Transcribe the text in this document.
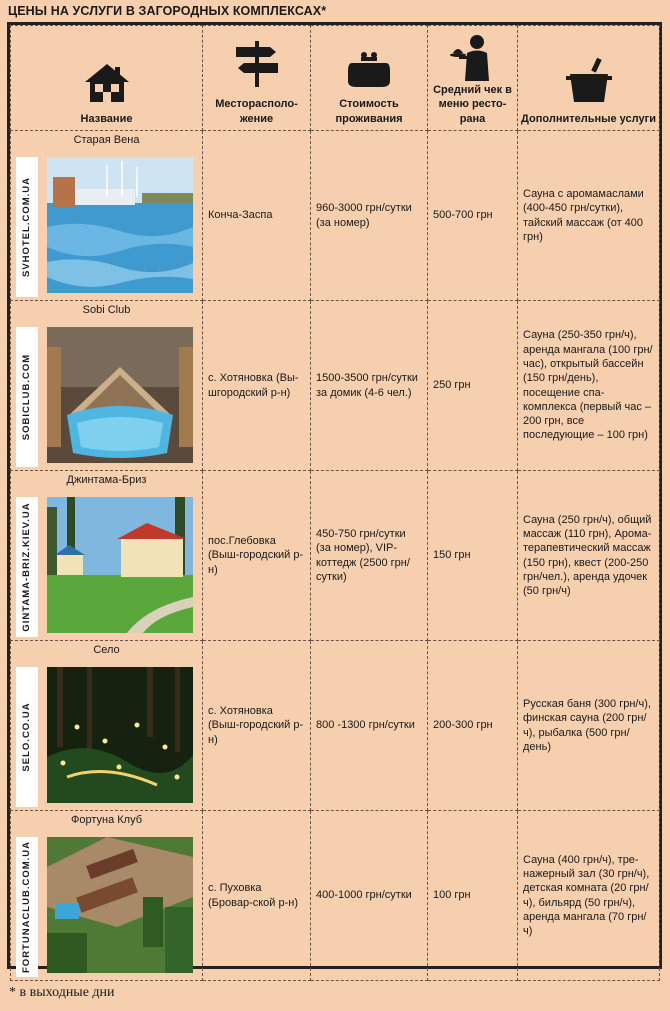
ЦЕНЫ НА УСЛУГИ В ЗАГОРОДНЫХ КОМПЛЕКСАХ*
Название	Месторасполо-жение	Стоимость проживания	Средний чек в меню ресто-рана	Дополнительные услуги

Старая Вена
SVHOTEL.COM.UA	Конча-Заспа	960-3000 грн/сутки (за номер)	500-700 грн	Сауна с аромамаслами (400-450 грн/сутки), тайский массаж (от 400 грн)

Sobi Club
SOBICLUB.COM	с. Хотяновка (Вы-шгородский р-н)	1500-3500 грн/сутки за домик (4-6 чел.)	250 грн	Сауна (250-350 грн/ч), аренда мангала (100 грн/час), открытый бассейн (150 грн/день), посещение спа-комплекса (первый час – 200 грн, все последующие – 100 грн)

Джинтама-Бриз
GINTAMA-BRIZ.KIEV.UA	пос.Глебовка (Выш-городский р-н)	450-750 грн/сутки (за номер), VIP-коттедж (2500 грн/сутки)	150 грн	Сауна (250 грн/ч), общий массаж (110 грн), Арома-терапевтический массаж (150 грн), квест (200-250 грн/чел.), аренда удочек (50 грн/ч)

Село
SELO.CO.UA	с. Хотяновка (Выш-городский р-н)	800 -1300 грн/сутки	200-300 грн	Русская баня (300 грн/ч), финская сауна (200 грн/ч), рыбалка (500 грн/день)

Фортуна Клуб
FORTUNACLUB.COM.UA	с. Пуховка (Бровар-ской р-н)	400-1000 грн/сутки	100 грн	Сауна (400 грн/ч), тре-нажерный зал (30 грн/ч), детская комната (20 грн/ч), бильярд (50 грн/ч), аренда мангала (70 грн/ч)
* в выходные дни
